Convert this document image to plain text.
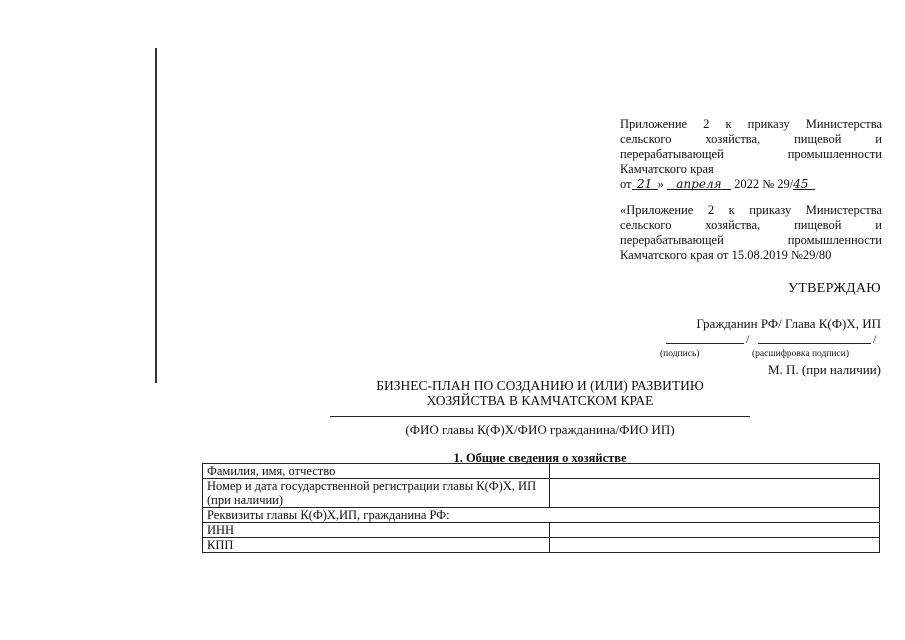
Приложение 2 к приказу Министерства
сельского хозяйства, пищевой и
перерабатывающей промышленности
Камчатского края
от 21 » апреля 2022 № 29/45
«Приложение 2 к приказу Министерства
сельского хозяйства, пищевой и
перерабатывающей промышленности
Камчатского края от 15.08.2019 №29/80
УТВЕРЖДАЮ
Гражданин РФ/ Глава К(Ф)Х, ИП
/	/
(подпись)	(расшифровка подписи)
М. П. (при наличии)
БИЗНЕС-ПЛАН ПО СОЗДАНИЮ И (ИЛИ) РАЗВИТИЮ
ХОЗЯЙСТВА В КАМЧАТСКОМ КРАЕ
(ФИО главы К(Ф)Х/ФИО гражданина/ФИО ИП)
1. Общие сведения о хозяйстве
Фамилия, имя, отчество	
Номер и дата государственной регистрации главы К(Ф)Х, ИП (при наличии)	
Реквизиты главы К(Ф)Х,ИП, гражданина РФ:	
ИНН	
КПП	
